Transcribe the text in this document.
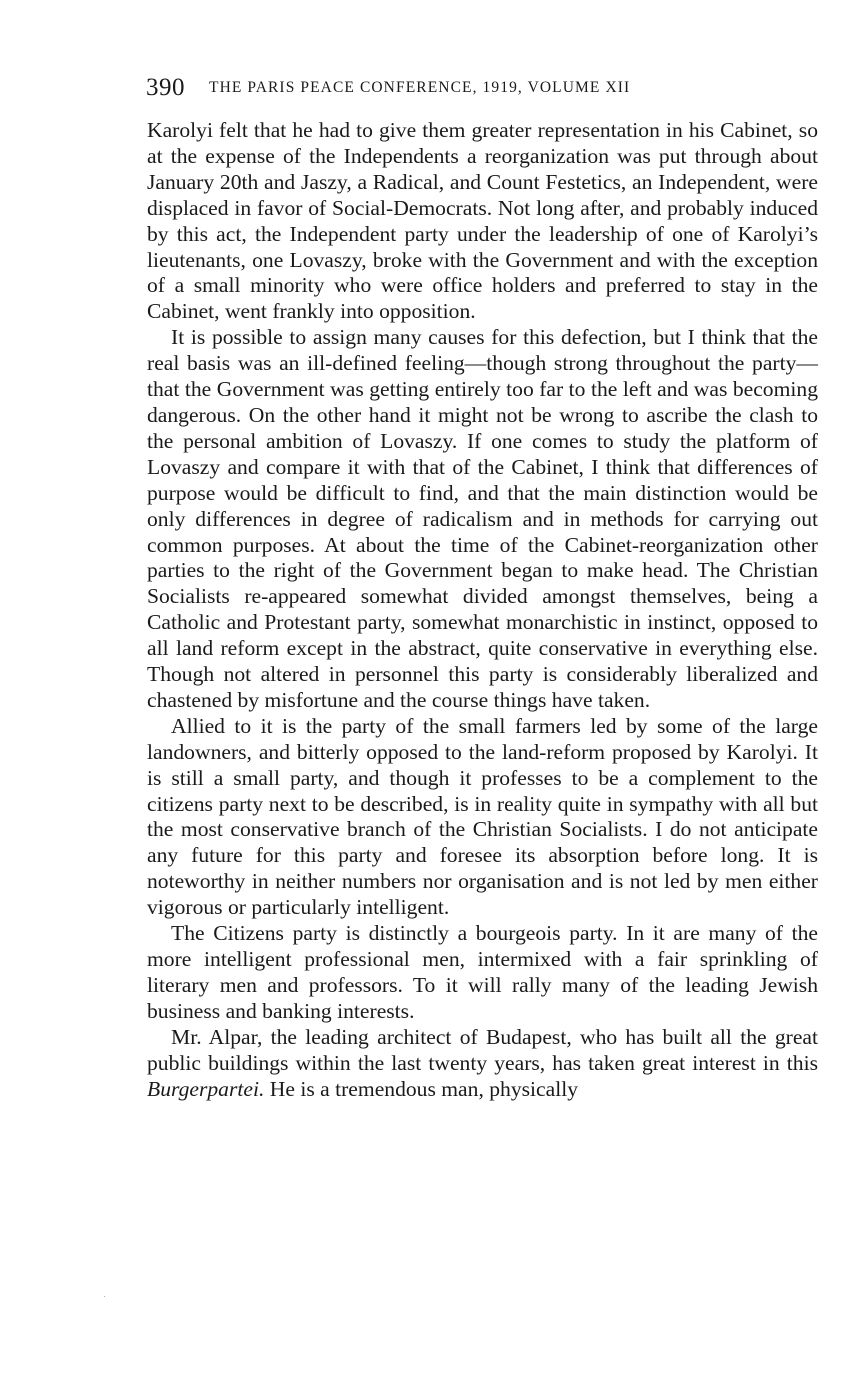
390 THE PARIS PEACE CONFERENCE, 1919, VOLUME XII

Karolyi felt that he had to give them greater representation in his Cabinet, so at the expense of the Independents a reorganization was put through about January 20th and Jaszy, a Radical, and Count Festetics, an Independent, were displaced in favor of Social-Democrats. Not long after, and probably induced by this act, the Independent party under the leadership of one of Karolyi’s lieutenants, one Lovaszy, broke with the Government and with the exception of a small minority who were office holders and preferred to stay in the Cabinet, went frankly into opposition.

It is possible to assign many causes for this defection, but I think that the real basis was an ill-defined feeling—though strong throughout the party—that the Government was getting entirely too far to the left and was becoming dangerous. On the other hand it might not be wrong to ascribe the clash to the personal ambition of Lovaszy. If one comes to study the platform of Lovaszy and compare it with that of the Cabinet, I think that differences of purpose would be difficult to find, and that the main distinction would be only differences in degree of radicalism and in methods for carrying out common purposes. At about the time of the Cabinet-reorganization other parties to the right of the Government began to make head. The Christian Socialists re-appeared somewhat divided amongst themselves, being a Catholic and Protestant party, somewhat monarchistic in instinct, opposed to all land reform except in the abstract, quite conservative in everything else. Though not altered in personnel this party is considerably liberalized and chastened by misfortune and the course things have taken.

Allied to it is the party of the small farmers led by some of the large landowners, and bitterly opposed to the land-reform proposed by Karolyi. It is still a small party, and though it professes to be a complement to the citizens party next to be described, is in reality quite in sympathy with all but the most conservative branch of the Christian Socialists. I do not anticipate any future for this party and foresee its absorption before long. It is noteworthy in neither numbers nor organisation and is not led by men either vigorous or particularly intelligent.

The Citizens party is distinctly a bourgeois party. In it are many of the more intelligent professional men, intermixed with a fair sprinkling of literary men and professors. To it will rally many of the leading Jewish business and banking interests.

Mr. Alpar, the leading architect of Budapest, who has built all the great public buildings within the last twenty years, has taken great interest in this Burgerpartei. He is a tremendous man, physically
